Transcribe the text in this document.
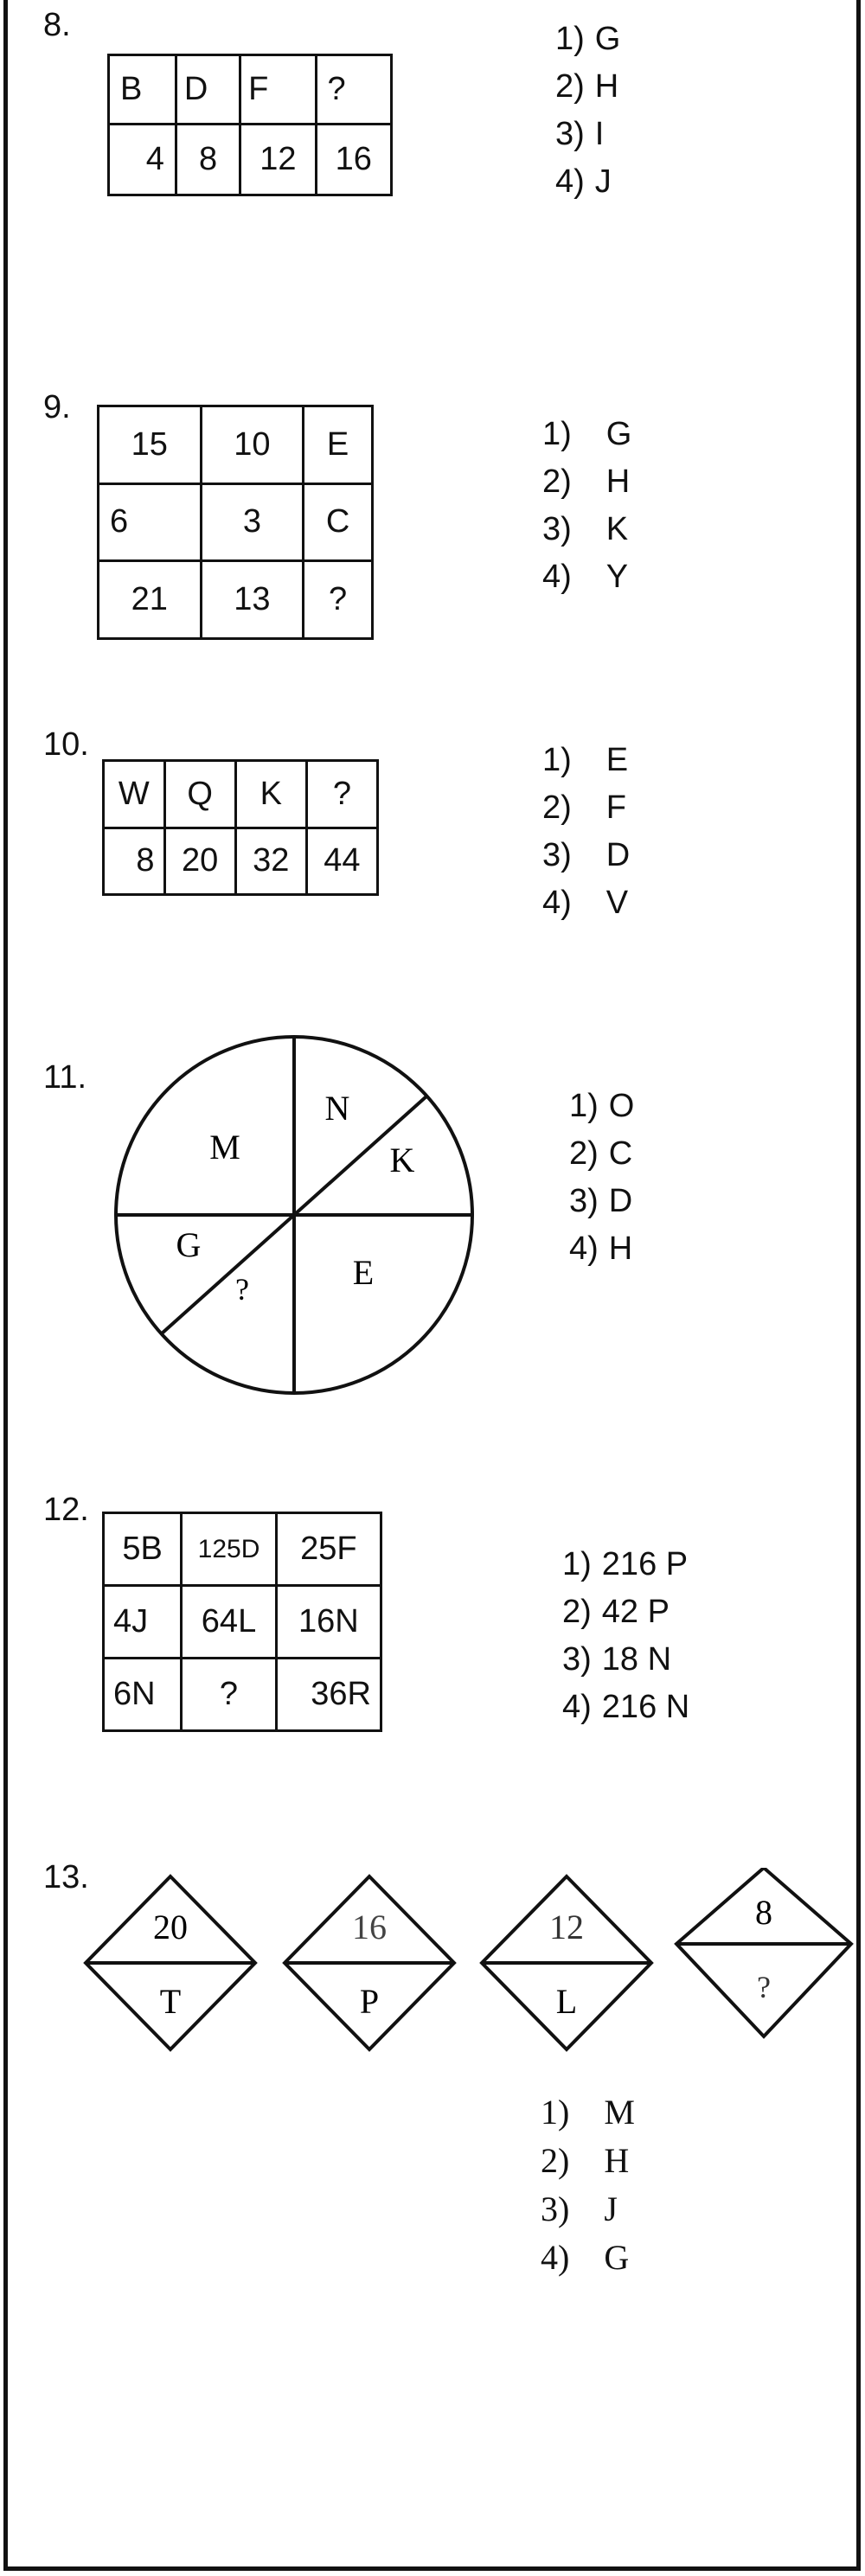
8.
B	D	F	?
4	8	12	16
1) G
2) H
3) I
4) J
9.
15	10	E
6	3	C
21	13	?
1) G
2) H
3) K
4) Y
10.
W	Q	K	?
8	20	32	44
1) E
2) F
3) D
4) V
11.
N
K
M
G
?	E
1) O
2) C
3) D
4) H
12.
5B	125D	25F
4J	64L	16N
6N	?	36R
1) 216 P
2) 42 P
3) 18 N
4) 216 N
13.
20
T
16
P
12
L
8
?
1) M
2) H
3) J
4) G
